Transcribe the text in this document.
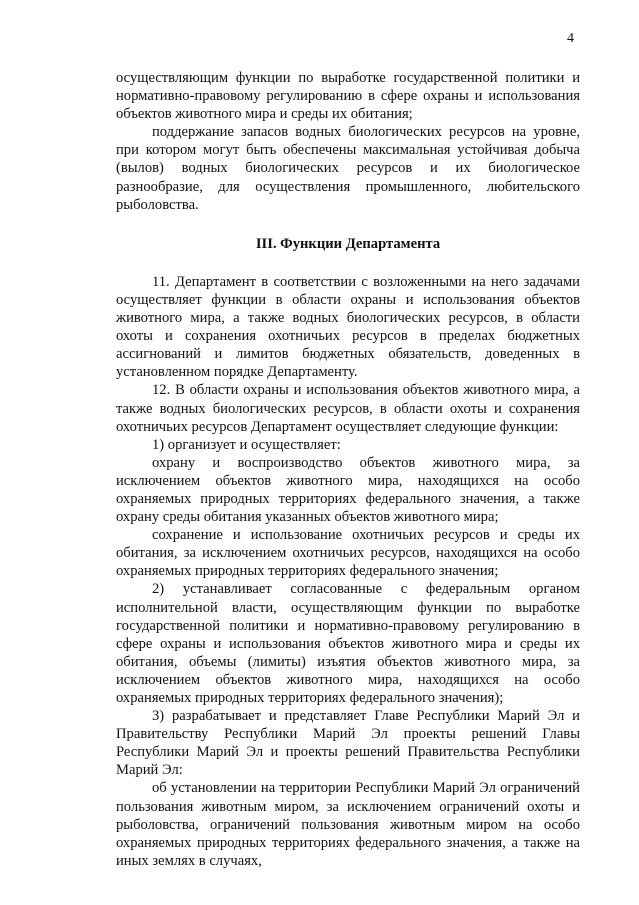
4

осуществляющим функции по выработке государственной политики и нормативно-правовому регулированию в сфере охраны и использования объектов животного мира и среды их обитания;

поддержание запасов водных биологических ресурсов на уровне, при котором могут быть обеспечены максимальная устойчивая добыча (вылов) водных биологических ресурсов и их биологическое разнообразие, для осуществления промышленного, любительского рыболовства.

III. Функции Департамента

11. Департамент в соответствии с возложенными на него задачами осуществляет функции в области охраны и использования объектов животного мира, а также водных биологических ресурсов, в области охоты и сохранения охотничьих ресурсов в пределах бюджетных ассигнований и лимитов бюджетных обязательств, доведенных в установленном порядке Департаменту.

12. В области охраны и использования объектов животного мира, а также водных биологических ресурсов, в области охоты и сохранения охотничьих ресурсов Департамент осуществляет следующие функции:

1) организует и осуществляет:

охрану и воспроизводство объектов животного мира, за исключением объектов животного мира, находящихся на особо охраняемых природных территориях федерального значения, а также охрану среды обитания указанных объектов животного мира;

сохранение и использование охотничьих ресурсов и среды их обитания, за исключением охотничьих ресурсов, находящихся на особо охраняемых природных территориях федерального значения;

2) устанавливает согласованные с федеральным органом исполнительной власти, осуществляющим функции по выработке государственной политики и нормативно-правовому регулированию в сфере охраны и использования объектов животного мира и среды их обитания, объемы (лимиты) изъятия объектов животного мира, за исключением объектов животного мира, находящихся на особо охраняемых природных территориях федерального значения);

3) разрабатывает и представляет Главе Республики Марий Эл и Правительству Республики Марий Эл проекты решений Главы Республики Марий Эл и проекты решений Правительства Республики Марий Эл:

об установлении на территории Республики Марий Эл ограничений пользования животным миром, за исключением ограничений охоты и рыболовства, ограничений пользования животным миром на особо охраняемых природных территориях федерального значения, а также на иных землях в случаях,
